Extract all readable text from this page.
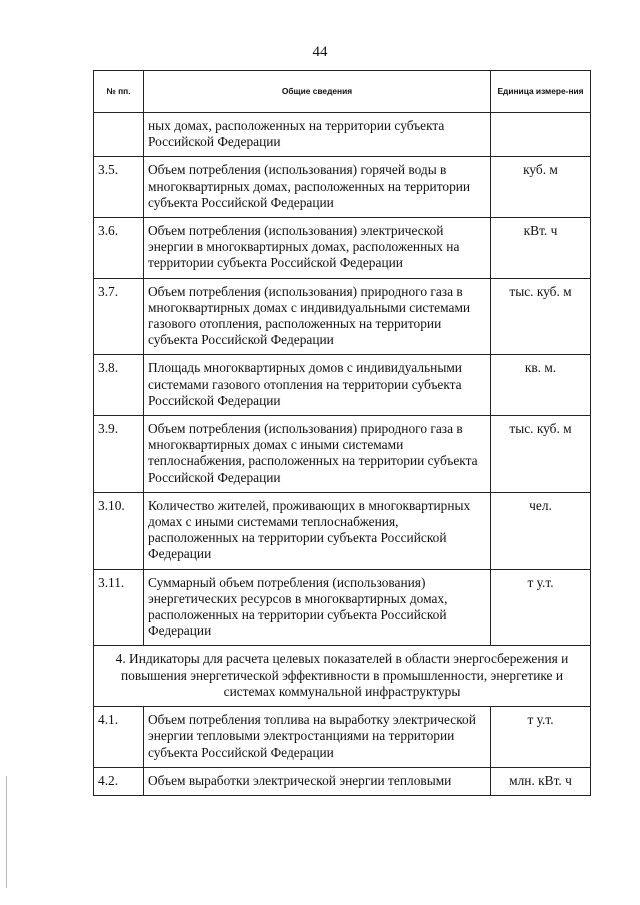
44
№ пп.	Общие сведения	Единица измере-ния
	ных домах, расположенных на территории субъекта Российской Федерации	
3.5.	Объем потребления (использования) горячей воды в многоквартирных домах, расположенных на территории субъекта Российской Федерации	куб. м
3.6.	Объем потребления (использования) электрической энергии в многоквартирных домах, расположенных на территории субъекта Российской Федерации	кВт. ч
3.7.	Объем потребления (использования) природного газа в многоквартирных домах с индивидуальными системами газового отопления, расположенных на территории субъекта Российской Федерации	тыс. куб. м
3.8.	Площадь многоквартирных домов с индивидуальными системами газового отопления на территории субъекта Российской Федерации	кв. м.
3.9.	Объем потребления (использования) природного газа в многоквартирных домах с иными системами теплоснабжения, расположенных на территории субъекта Российской Федерации	тыс. куб. м
3.10.	Количество жителей, проживающих в многоквартирных домах с иными системами теплоснабжения, расположенных на территории субъекта Российской Федерации	чел.
3.11.	Суммарный объем потребления (использования) энергетических ресурсов в многоквартирных домах, расположенных на территории субъекта Российской Федерации	т у.т.
4. Индикаторы для расчета целевых показателей в области энергосбережения и повышения энергетической эффективности в промышленности, энергетике и системах коммунальной инфраструктуры		
4.1.	Объем потребления топлива на выработку электрической энергии тепловыми электростанциями на территории субъекта Российской Федерации	т у.т.
4.2.	Объем выработки электрической энергии тепловыми	млн. кВт. ч
